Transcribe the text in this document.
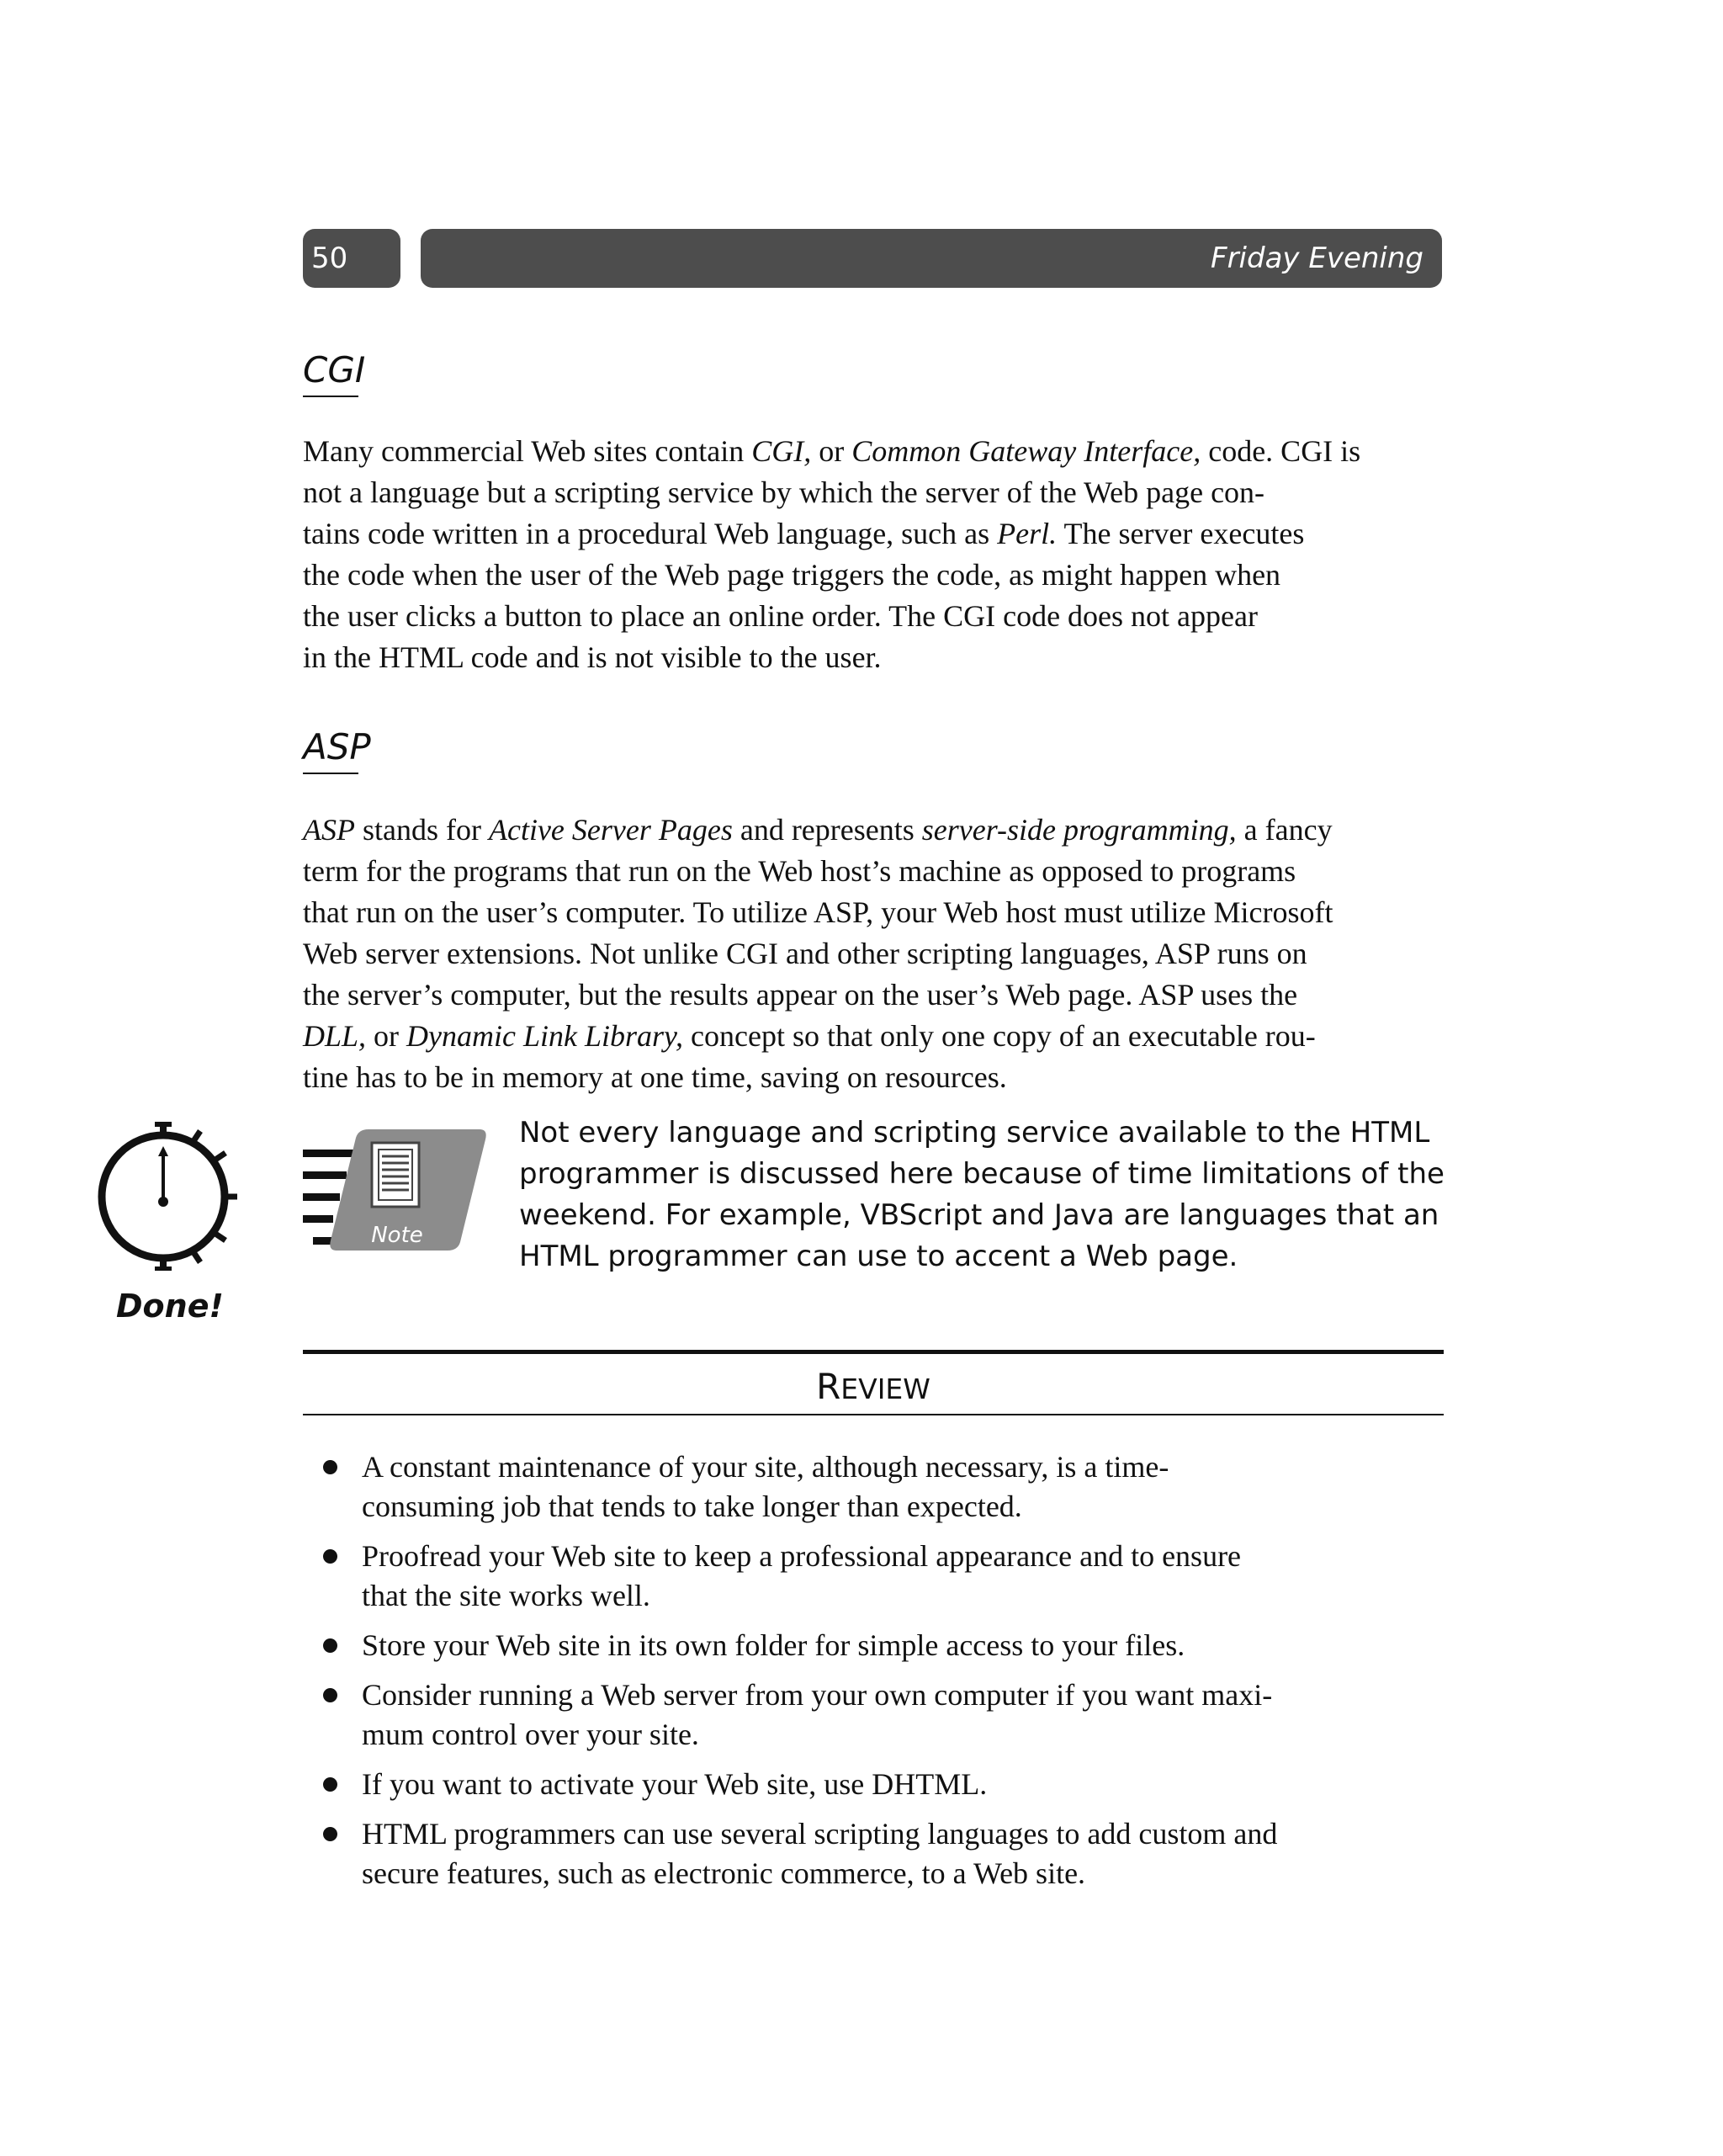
50	Friday Evening
CGI
Many commercial Web sites contain CGI, or Common Gateway Interface, code. CGI is
not a language but a scripting service by which the server of the Web page con-
tains code written in a procedural Web language, such as Perl. The server executes
the code when the user of the Web page triggers the code, as might happen when
the user clicks a button to place an online order. The CGI code does not appear
in the HTML code and is not visible to the user.
ASP
ASP stands for Active Server Pages and represents server-side programming, a fancy
term for the programs that run on the Web host’s machine as opposed to programs
that run on the user’s computer. To utilize ASP, your Web host must utilize Microsoft
Web server extensions. Not unlike CGI and other scripting languages, ASP runs on
the server’s computer, but the results appear on the user’s Web page. ASP uses the
DLL, or Dynamic Link Library, concept so that only one copy of an executable rou-
tine has to be in memory at one time, saving on resources.
Done!
Note
Not every language and scripting service available to the HTML
programmer is discussed here because of time limitations of the
weekend. For example, VBScript and Java are languages that an
HTML programmer can use to accent a Web page.
REVIEW
A constant maintenance of your site, although necessary, is a time-
consuming job that tends to take longer than expected.
Proofread your Web site to keep a professional appearance and to ensure
that the site works well.
Store your Web site in its own folder for simple access to your files.
Consider running a Web server from your own computer if you want maxi-
mum control over your site.
If you want to activate your Web site, use DHTML.
HTML programmers can use several scripting languages to add custom and
secure features, such as electronic commerce, to a Web site.
